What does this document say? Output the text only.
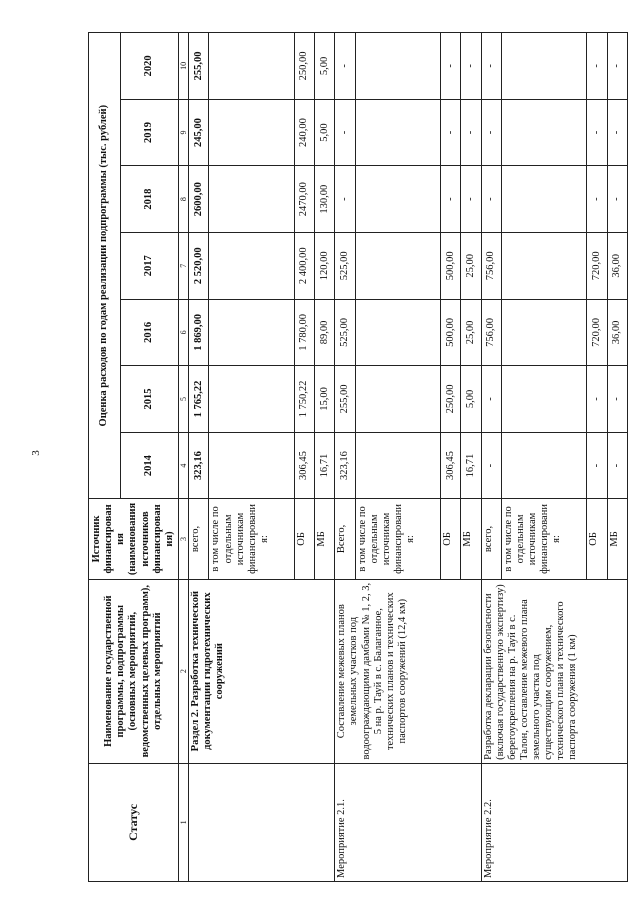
3
Статус	Наименование государственной программы, подпрограммы (основных мероприятий, ведомственных целевых программ), отдельных мероприятий	Источник финансирования (наименования источников финансирования)	Оценка расходов по годам реализации подпрограммы (тыс. рублей)						
			2014	2015	2016	2017	2018	2019	2020
1	2	3	4	5	6	7	8	9	10
	Раздел 2. Разработка технической документации гидротехнических сооружений	всего,	323,16	1 765,22	1 869,00	2 520,00	2600,00	245,00	255,00
		в том числе по отдельным источникам финансирования:							
		ОБ	306,45	1 750,22	1 780,00	2 400,00	2470,00	240,00	250,00
		МБ	16,71	15,00	89,00	120,00	130,00	5,00	5,00
Мероприятие 2.1.	Составление межевых планов земельных участков под водоограждающими дамбами № 1, 2, 3, 5 на р. Тауй в с. Балаганное, технических планов и технических паспортов сооружений (12,4 км)	Всего,	323,16	255,00	525,00	525,00	-	-	-
		в том числе по отдельным источникам финансирования:							
		ОБ	306,45	250,00	500,00	500,00	-	-	-
		МБ	16,71	5,00	25,00	25,00	-	-	-
Мероприятие 2.2.	Разработка декларации безопасности (включая государственную экспертизу) берегоукрепления на р. Тауй в с. Талон, составление межевого плана земельного участка под существующим сооружением, технического плана и технического паспорта сооружения (1 км)	всего,	-	-	756,00	756,00	-	-	-
		в том числе по отдельным источникам финансирования:							
		ОБ	-	-	720,00	720,00	-	-	-
		МБ	-	-	36,00	36,00	-	-	-
